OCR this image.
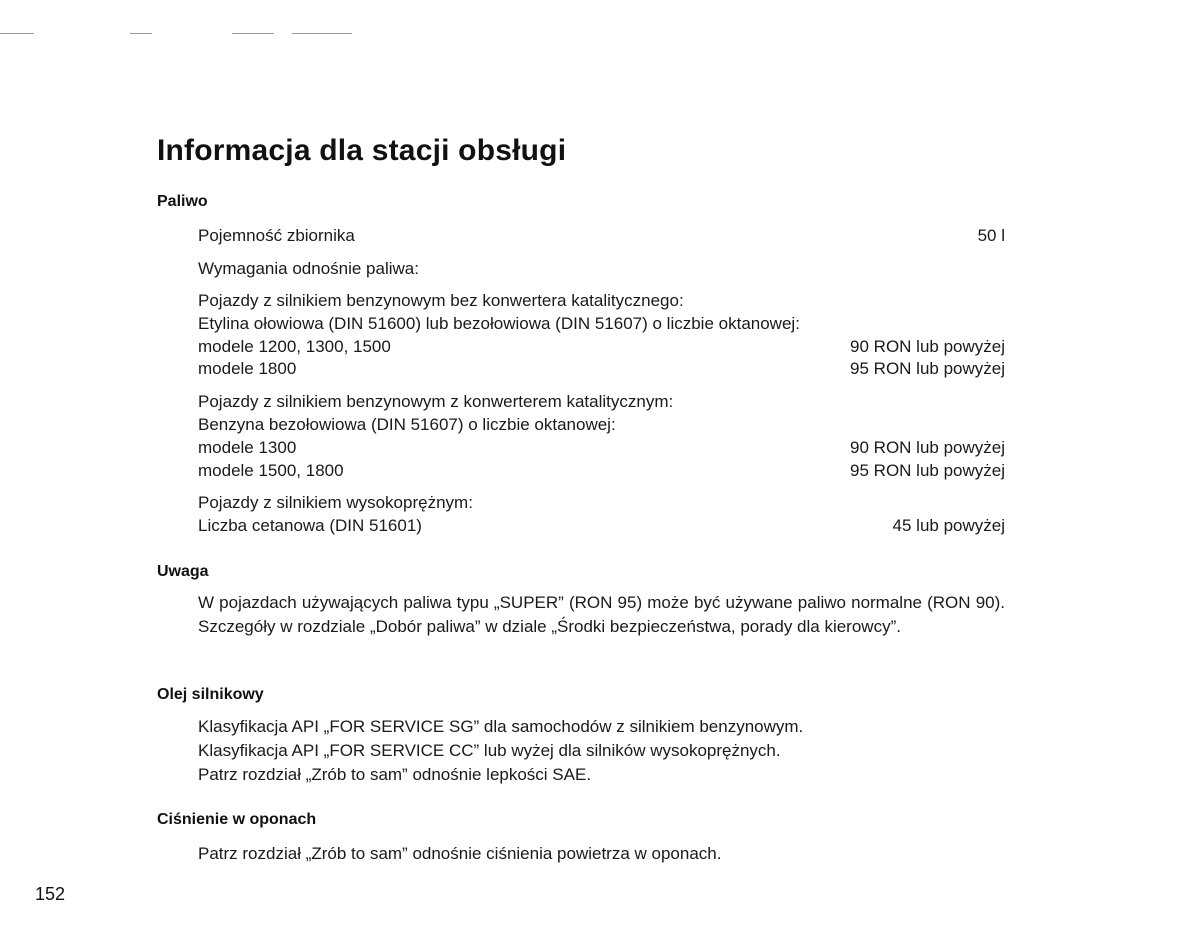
Informacja dla stacji obsługi
Paliwo
Pojemność zbiornika	50 l

Wymagania odnośnie paliwa:

Pojazdy z silnikiem benzynowym bez konwertera katalitycznego:

Etylina ołowiowa (DIN 51600) lub bezołowiowa (DIN 51607) o liczbie oktanowej:

modele 1200, 1300, 1500	90 RON lub powyżej
modele 1800	95 RON lub powyżej

Pojazdy z silnikiem benzynowym z konwerterem katalitycznym:

Benzyna bezołowiowa (DIN 51607) o liczbie oktanowej:

modele 1300	90 RON lub powyżej
modele 1500, 1800	95 RON lub powyżej

Pojazdy z silnikiem wysokoprężnym:

Liczba cetanowa (DIN 51601)	45 lub powyżej
Uwaga

W pojazdach używających paliwa typu „SUPER” (RON 95) może być używane paliwo normalne (RON 90). Szczegóły w rozdziale „Dobór paliwa” w dziale „Środki bezpieczeństwa, porady dla kierowcy”.

Olej silnikowy

Klasyfikacja API „FOR SERVICE SG” dla samochodów z silnikiem benzynowym.

Klasyfikacja API „FOR SERVICE CC” lub wyżej dla silników wysokoprężnych.

Patrz rozdział „Zrób to sam” odnośnie lepkości SAE.

Ciśnienie w oponach

Patrz rozdział „Zrób to sam” odnośnie ciśnienia powietrza w oponach.

152
